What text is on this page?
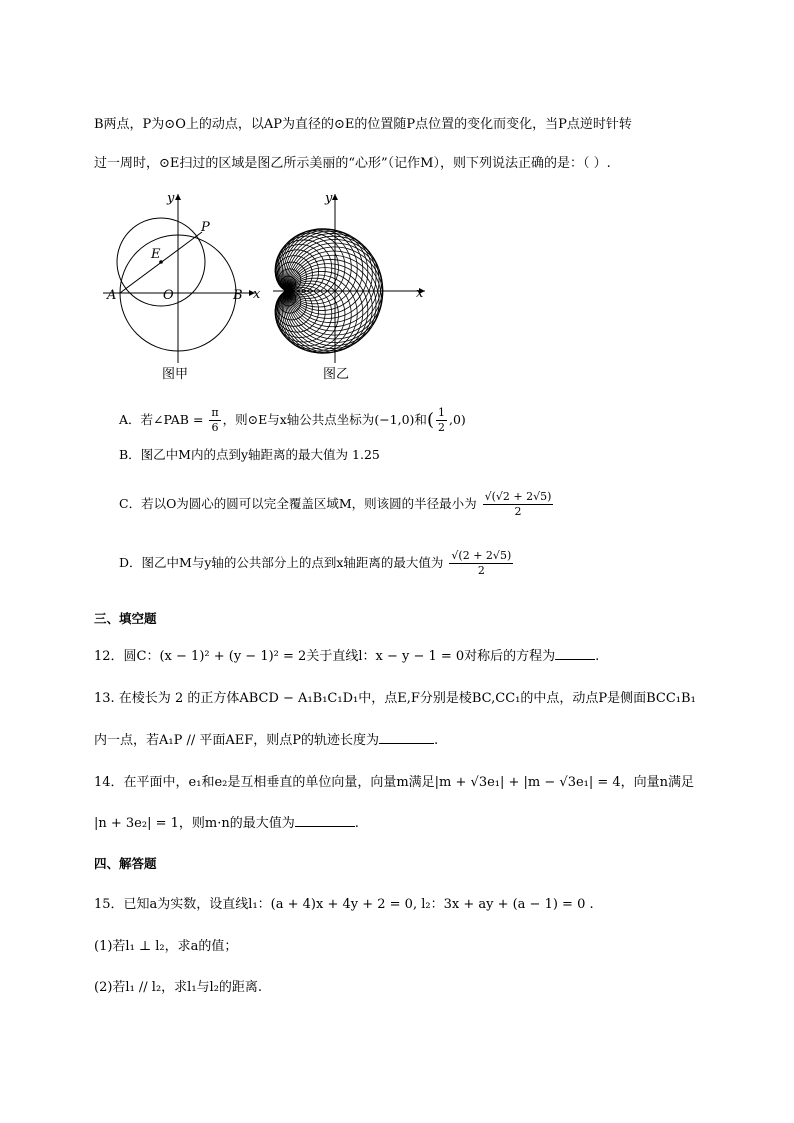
B两点，P为⊙O上的动点，以AP为直径的⊙E的位置随P点位置的变化而变化，当P点逆时针转
过一周时，⊙E扫过的区域是图乙所示美丽的“心形”（记作M），则下列说法正确的是：（ ）.
y
x
P
E
A	O	B
图甲
y
x
图乙
A．若∠PAB = $\frac{\pi}{6}$ ，则⊙E与x轴公共点坐标为(−1,0)和( $\frac{1}{2} ,0$)
B．图乙中M内的点到y轴距离的最大值为 1.25
C．若以O为圆心的圆可以完全覆盖区域M，则该圆的半径最小为 $\frac{√(√2 + 2√5)}{2}$
D．图乙中M与y轴的公共部分上的点到x轴距离的最大值为 $\frac{√(2 + 2√5)}{2}$
三、填空题
12．圆C：(x − 1)² + (y − 1)² = 2关于直线l：x − y − 1 = 0对称后的方程为	.
13. 在棱长为 2 的正方体ABCD − A₁B₁C₁D₁中，点E,F分别是棱BC,CC₁的中点，动点P是侧面BCC₁B₁
内一点，若A₁P // 平面AEF，则点P的轨迹长度为	.
14．在平面中，e₁和e₂是互相垂直的单位向量，向量m满足|m + √3e₁| + |m − √3e₁| = 4，向量n满足
|n + 3e₂| = 1，则m·n的最大值为	.
四、解答题
15．已知a为实数，设直线l₁：(a + 4)x + 4y + 2 = 0, l₂：3x + ay + (a − 1) = 0 .
(1)若l₁ ⊥ l₂，求a的值；
(2)若l₁ // l₂，求l₁与l₂的距离.
